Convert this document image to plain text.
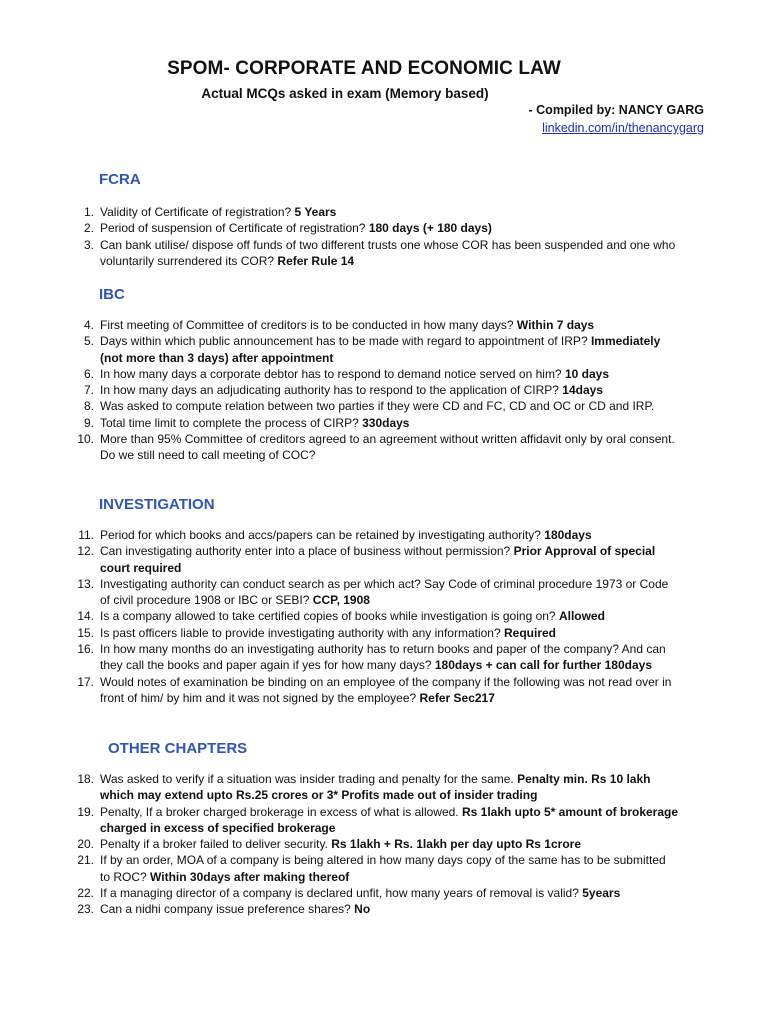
SPOM- CORPORATE AND ECONOMIC LAW
Actual MCQs asked in exam (Memory based)
- Compiled by: NANCY GARG
linkedin.com/in/thenancygarg
FCRA
1. Validity of Certificate of registration? 5 Years
2. Period of suspension of Certificate of registration? 180 days (+ 180 days)
3. Can bank utilise/ dispose off funds of two different trusts one whose COR has been suspended and one who voluntarily surrendered its COR? Refer Rule 14
IBC
4. First meeting of Committee of creditors is to be conducted in how many days? Within 7 days
5. Days within which public announcement has to be made with regard to appointment of IRP? Immediately (not more than 3 days) after appointment
6. In how many days a corporate debtor has to respond to demand notice served on him? 10 days
7. In how many days an adjudicating authority has to respond to the application of CIRP? 14days
8. Was asked to compute relation between two parties if they were CD and FC, CD and OC or CD and IRP.
9. Total time limit to complete the process of CIRP? 330days
10. More than 95% Committee of creditors agreed to an agreement without written affidavit only by oral consent. Do we still need to call meeting of COC?
INVESTIGATION
11. Period for which books and accs/papers can be retained by investigating authority? 180days
12. Can investigating authority enter into a place of business without permission? Prior Approval of special court required
13. Investigating authority can conduct search as per which act? Say Code of criminal procedure 1973 or Code of civil procedure 1908 or IBC or SEBI? CCP, 1908
14. Is a company allowed to take certified copies of books while investigation is going on? Allowed
15. Is past officers liable to provide investigating authority with any information? Required
16. In how many months do an investigating authority has to return books and paper of the company? And can they call the books and paper again if yes for how many days? 180days + can call for further 180days
17. Would notes of examination be binding on an employee of the company if the following was not read over in front of him/ by him and it was not signed by the employee? Refer Sec217
OTHER CHAPTERS
18. Was asked to verify if a situation was insider trading and penalty for the same. Penalty min. Rs 10 lakh which may extend upto Rs.25 crores or 3* Profits made out of insider trading
19. Penalty, If a broker charged brokerage in excess of what is allowed. Rs 1lakh upto 5* amount of brokerage charged in excess of specified brokerage
20. Penalty if a broker failed to deliver security. Rs 1lakh + Rs. 1lakh per day upto Rs 1crore
21. If by an order, MOA of a company is being altered in how many days copy of the same has to be submitted to ROC? Within 30days after making thereof
22. If a managing director of a company is declared unfit, how many years of removal is valid? 5years
23. Can a nidhi company issue preference shares? No
